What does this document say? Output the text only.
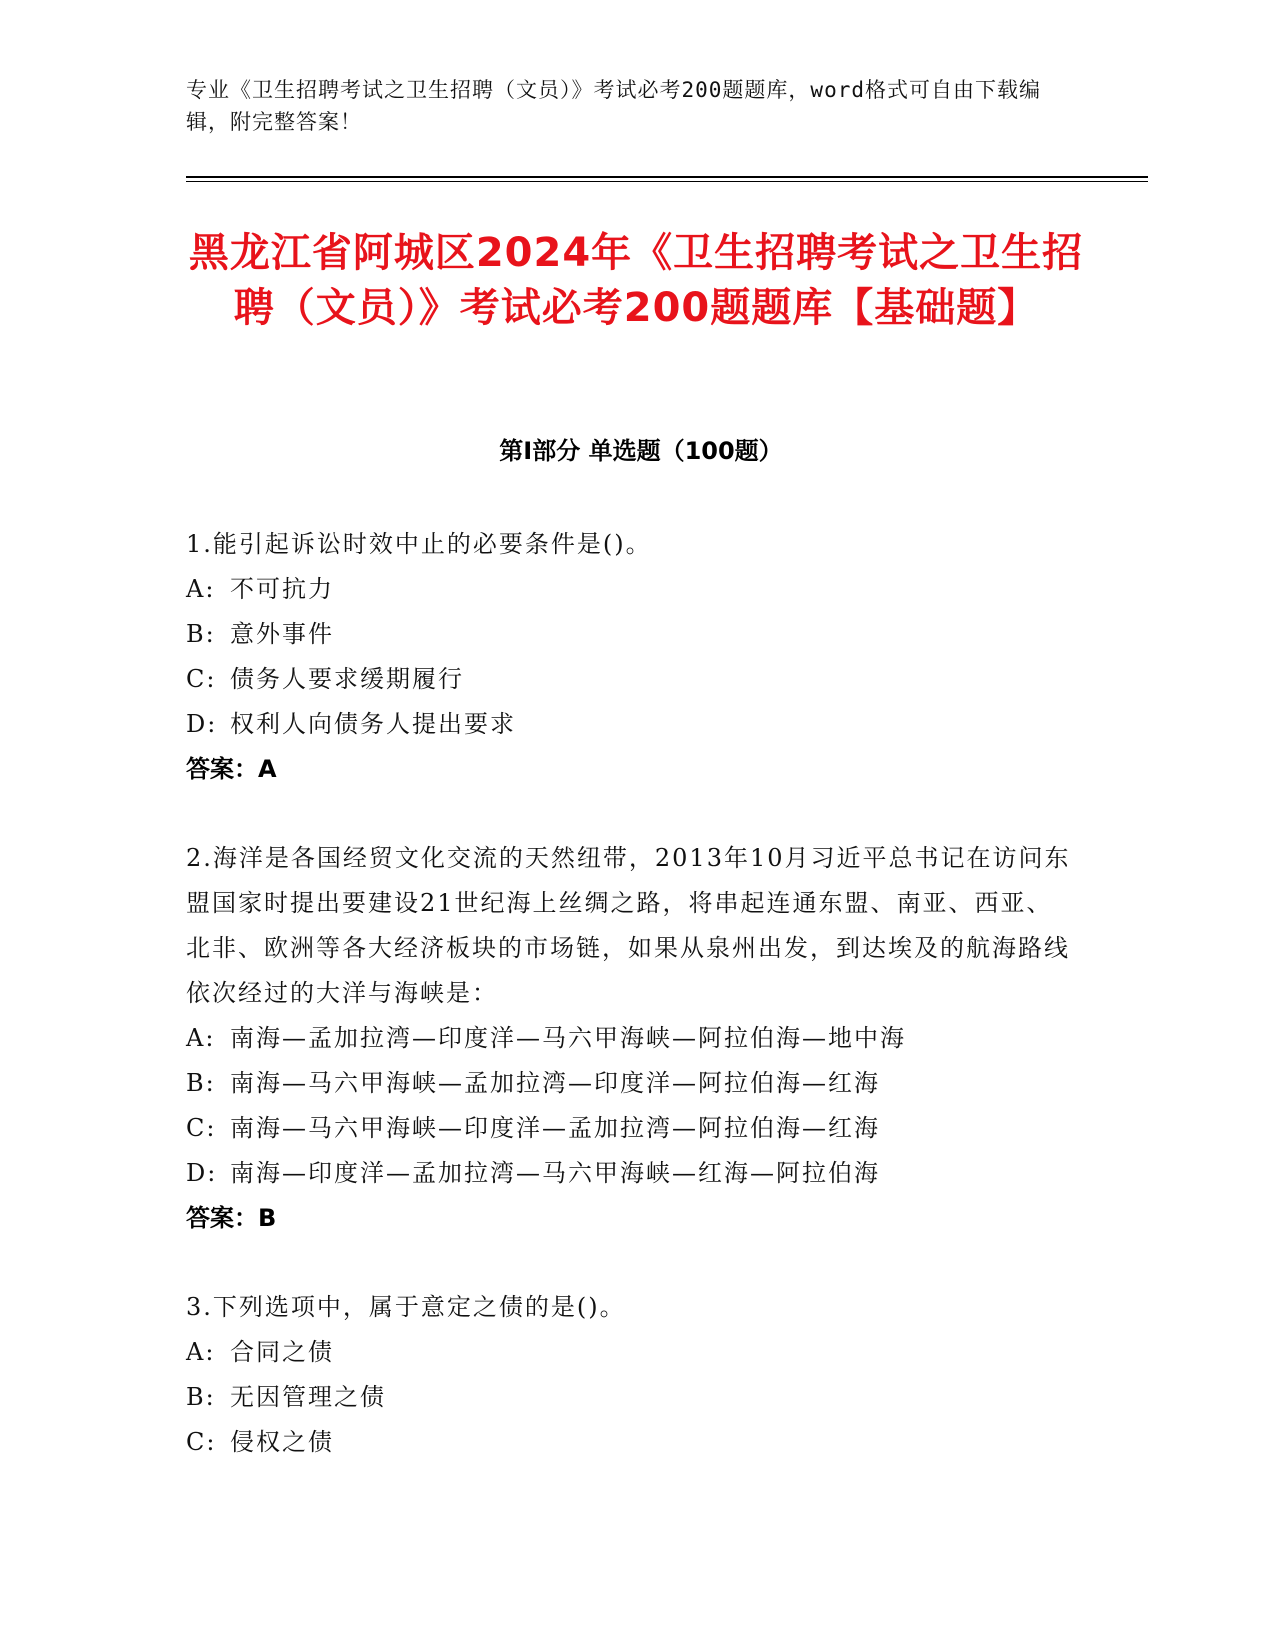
专业《卫生招聘考试之卫生招聘（文员）》考试必考200题题库，word格式可自由下载编辑，附完整答案！
黑龙江省阿城区2024年《卫生招聘考试之卫生招聘（文员）》考试必考200题题库【基础题】
第I部分 单选题（100题）
1.能引起诉讼时效中止的必要条件是()。
A: 不可抗力
B: 意外事件
C: 债务人要求缓期履行
D: 权利人向债务人提出要求
答案：A
2.海洋是各国经贸文化交流的天然纽带，2013年10月习近平总书记在访问东盟国家时提出要建设21世纪海上丝绸之路，将串起连通东盟、南亚、西亚、北非、欧洲等各大经济板块的市场链，如果从泉州出发，到达埃及的航海路线依次经过的大洋与海峡是：
A: 南海—孟加拉湾—印度洋—马六甲海峡—阿拉伯海—地中海
B: 南海—马六甲海峡—孟加拉湾—印度洋—阿拉伯海—红海
C: 南海—马六甲海峡—印度洋—孟加拉湾—阿拉伯海—红海
D: 南海—印度洋—孟加拉湾—马六甲海峡—红海—阿拉伯海
答案：B
3.下列选项中，属于意定之债的是()。
A: 合同之债
B: 无因管理之债
C: 侵权之债
